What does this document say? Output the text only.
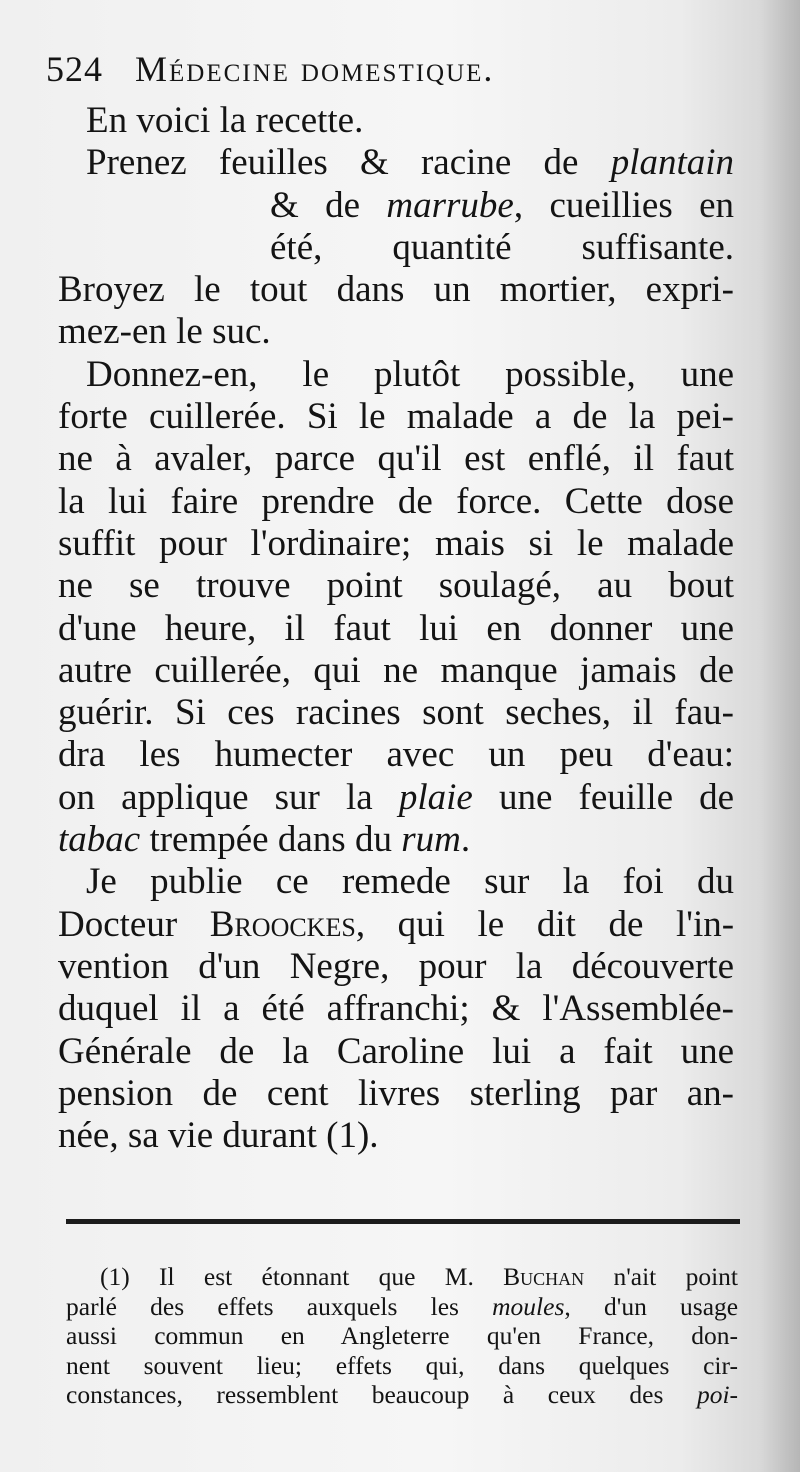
524 Médecine domestique.
En voici la recette.
Prenez feuilles & racine de plantain
& de marrube, cueillies en
été, quantité suffisante.
Broyez le tout dans un mortier, expri-
mez-en le suc.
Donnez-en, le plutôt possible, une
forte cuillerée. Si le malade a de la pei-
ne à avaler, parce qu'il est enflé, il faut
la lui faire prendre de force. Cette dose
suffit pour l'ordinaire; mais si le malade
ne se trouve point soulagé, au bout
d'une heure, il faut lui en donner une
autre cuillerée, qui ne manque jamais de
guérir. Si ces racines sont seches, il fau-
dra les humecter avec un peu d'eau:
on applique sur la plaie une feuille de
tabac trempée dans du rum.
Je publie ce remede sur la foi du
Docteur Broockes, qui le dit de l'in-
vention d'un Negre, pour la découverte
duquel il a été affranchi; & l'Assemblée-
Générale de la Caroline lui a fait une
pension de cent livres sterling par an-
née, sa vie durant (1).
(1) Il est étonnant que M. Buchan n'ait point
parlé des effets auxquels les moules, d'un usage
aussi commun en Angleterre qu'en France, don-
nent souvent lieu; effets qui, dans quelques cir-
constances, ressemblent beaucoup à ceux des poi-
